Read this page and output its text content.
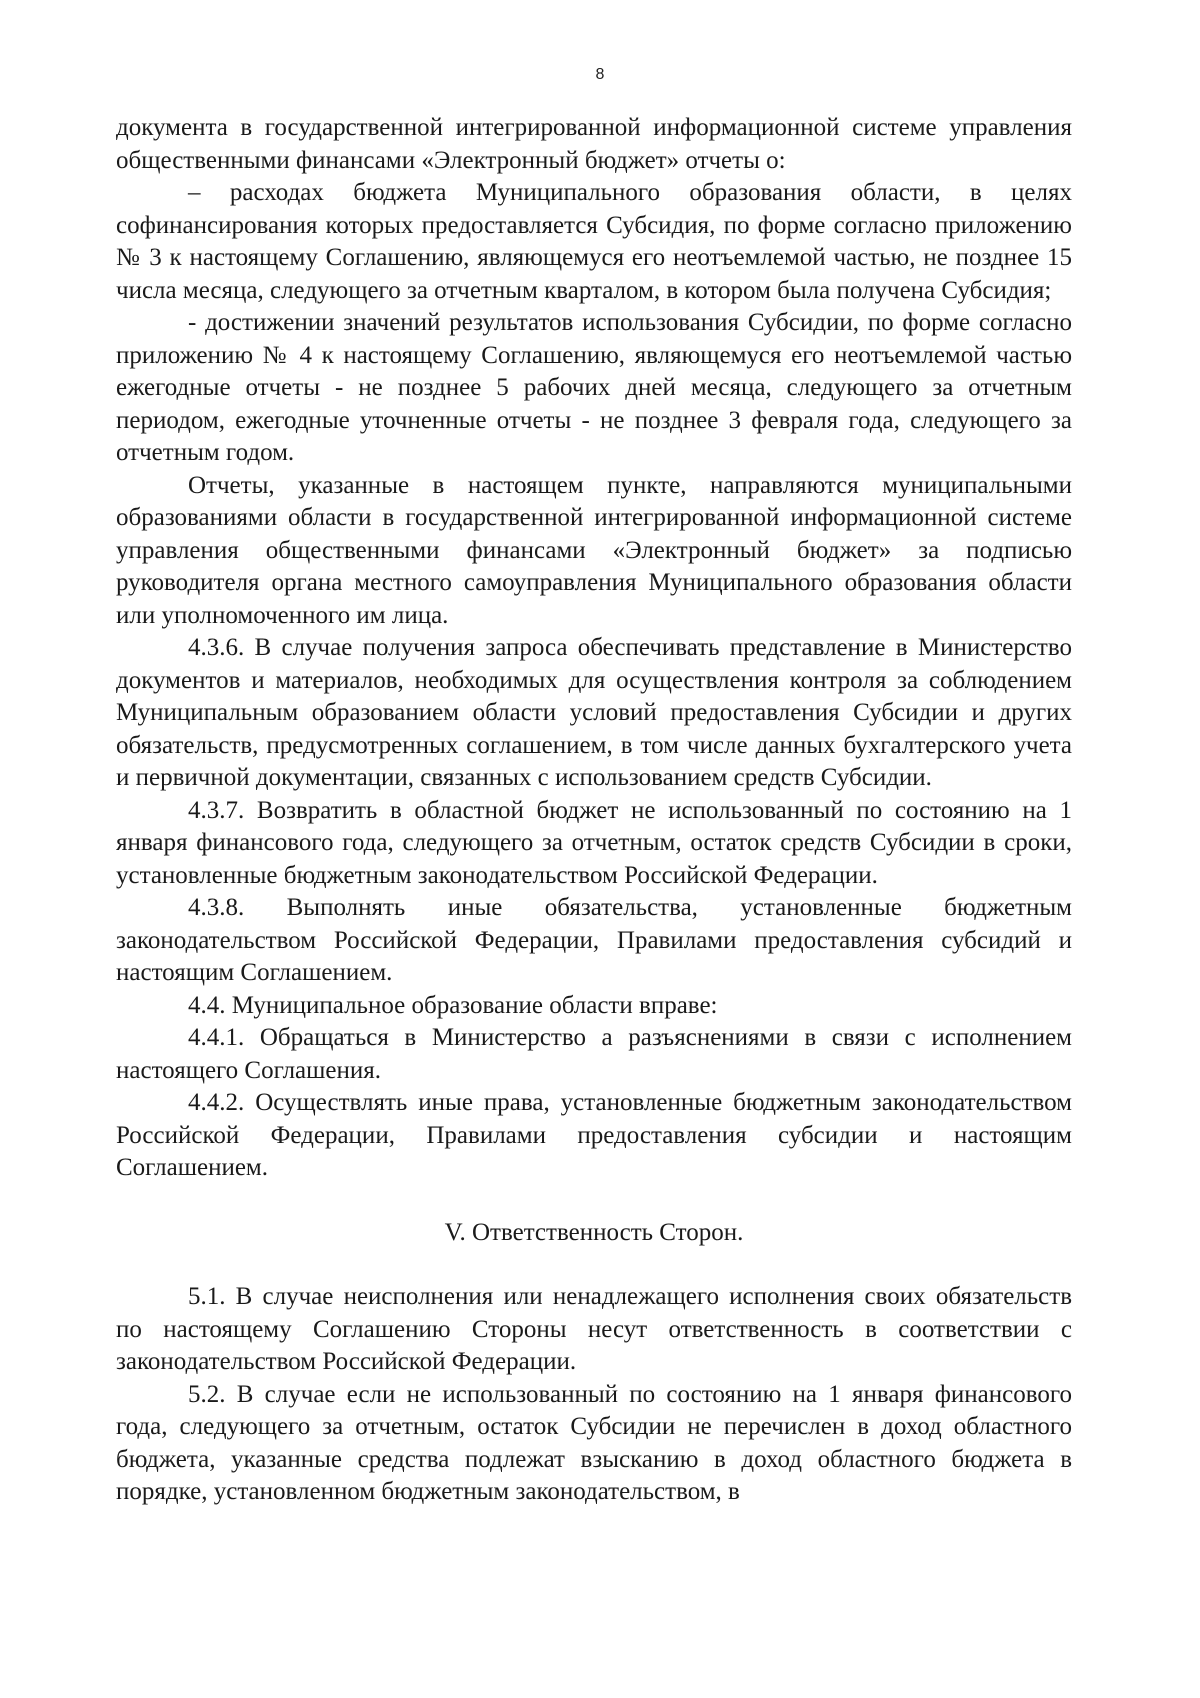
8

документа в государственной интегрированной информационной системе управления общественными финансами «Электронный бюджет» отчеты о:

– расходах бюджета Муниципального образования области, в целях софинансирования которых предоставляется Субсидия, по форме согласно приложению № 3 к настоящему Соглашению, являющемуся его неотъемлемой частью, не позднее 15 числа месяца, следующего за отчетным кварталом, в котором была получена Субсидия;

- достижении значений результатов использования Субсидии, по форме согласно приложению № 4 к настоящему Соглашению, являющемуся его неотъемлемой частью ежегодные отчеты - не позднее 5 рабочих дней месяца, следующего за отчетным периодом, ежегодные уточненные отчеты - не позднее 3 февраля года, следующего за отчетным годом.

Отчеты, указанные в настоящем пункте, направляются муниципальными образованиями области в государственной интегрированной информационной системе управления общественными финансами «Электронный бюджет» за подписью руководителя органа местного самоуправления Муниципального образования области или уполномоченного им лица.

4.3.6. В случае получения запроса обеспечивать представление в Министерство документов и материалов, необходимых для осуществления контроля за соблюдением Муниципальным образованием области условий предоставления Субсидии и других обязательств, предусмотренных соглашением, в том числе данных бухгалтерского учета и первичной документации, связанных с использованием средств Субсидии.

4.3.7. Возвратить в областной бюджет не использованный по состоянию на 1 января финансового года, следующего за отчетным, остаток средств Субсидии в сроки, установленные бюджетным законодательством Российской Федерации.

4.3.8. Выполнять иные обязательства, установленные бюджетным законодательством Российской Федерации, Правилами предоставления субсидий и настоящим Соглашением.

4.4. Муниципальное образование области вправе:

4.4.1. Обращаться в Министерство а разъяснениями в связи с исполнением настоящего Соглашения.

4.4.2. Осуществлять иные права, установленные бюджетным законодательством Российской Федерации, Правилами предоставления субсидии и настоящим Соглашением.

V. Ответственность Сторон.

5.1. В случае неисполнения или ненадлежащего исполнения своих обязательств по настоящему Соглашению Стороны несут ответственность в соответствии с законодательством Российской Федерации.

5.2. В случае если не использованный по состоянию на 1 января финансового года, следующего за отчетным, остаток Субсидии не перечислен в доход областного бюджета, указанные средства подлежат взысканию в доход областного бюджета в порядке, установленном бюджетным законодательством, в
